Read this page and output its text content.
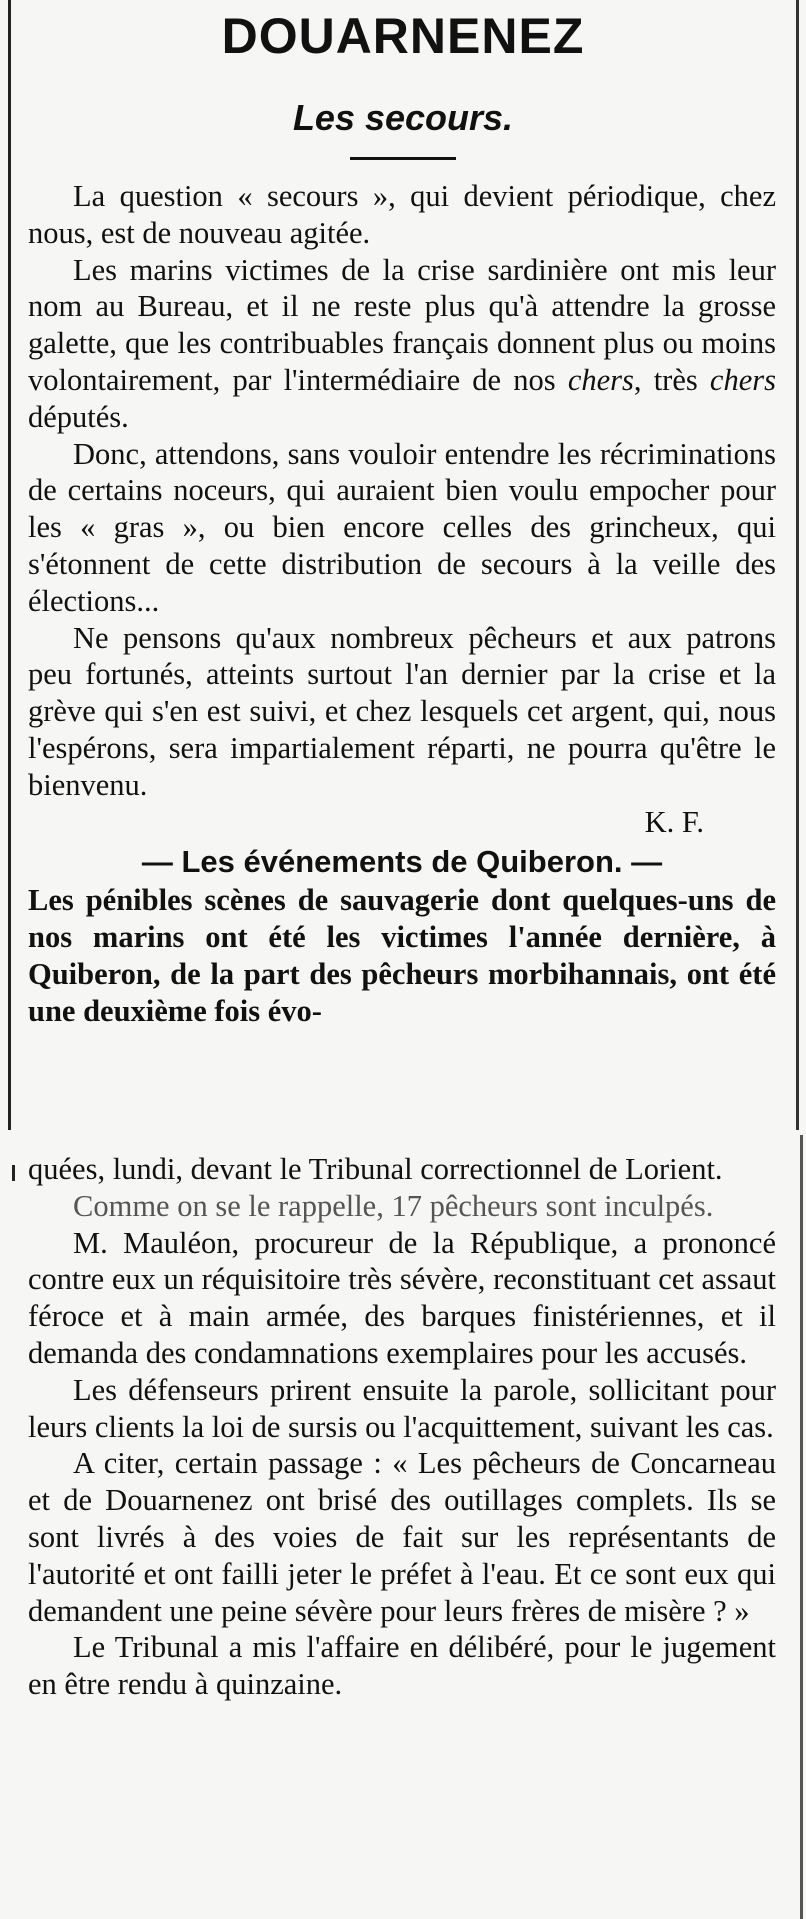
DOUARNENEZ
Les secours.

La question « secours », qui devient périodique, chez nous, est de nouveau agitée.

Les marins victimes de la crise sardinière ont mis leur nom au Bureau, et il ne reste plus qu'à attendre la grosse galette, que les contribuables français donnent plus ou moins volontairement, par l'intermédiaire de nos chers, très chers députés.

Donc, attendons, sans vouloir entendre les récriminations de certains noceurs, qui auraient bien voulu empocher pour les « gras », ou bien encore celles des grincheux, qui s'étonnent de cette distribution de secours à la veille des élections...

Ne pensons qu'aux nombreux pêcheurs et aux patrons peu fortunés, atteints surtout l'an dernier par la crise et la grève qui s'en est suivi, et chez lesquels cet argent, qui, nous l'espérons, sera impartialement réparti, ne pourra qu'être le bienvenu.

K. F.
— Les événements de Quiberon. —

Les pénibles scènes de sauvagerie dont quelques-uns de nos marins ont été les victimes l'année dernière, à Quiberon, de la part des pêcheurs morbihannais, ont été une deuxième fois évo-

quées, lundi, devant le Tribunal correctionnel de Lorient.

Comme on se le rappelle, 17 pêcheurs sont inculpés.

M. Mauléon, procureur de la République, a prononcé contre eux un réquisitoire très sévère, reconstituant cet assaut féroce et à main armée, des barques finistériennes, et il demanda des condamnations exemplaires pour les accusés.

Les défenseurs prirent ensuite la parole, sollicitant pour leurs clients la loi de sursis ou l'acquittement, suivant les cas.

A citer, certain passage : « Les pêcheurs de Concarneau et de Douarnenez ont brisé des outillages complets. Ils se sont livrés à des voies de fait sur les représentants de l'autorité et ont failli jeter le préfet à l'eau. Et ce sont eux qui demandent une peine sévère pour leurs frères de misère ? »

Le Tribunal a mis l'affaire en délibéré, pour le jugement en être rendu à quinzaine.
